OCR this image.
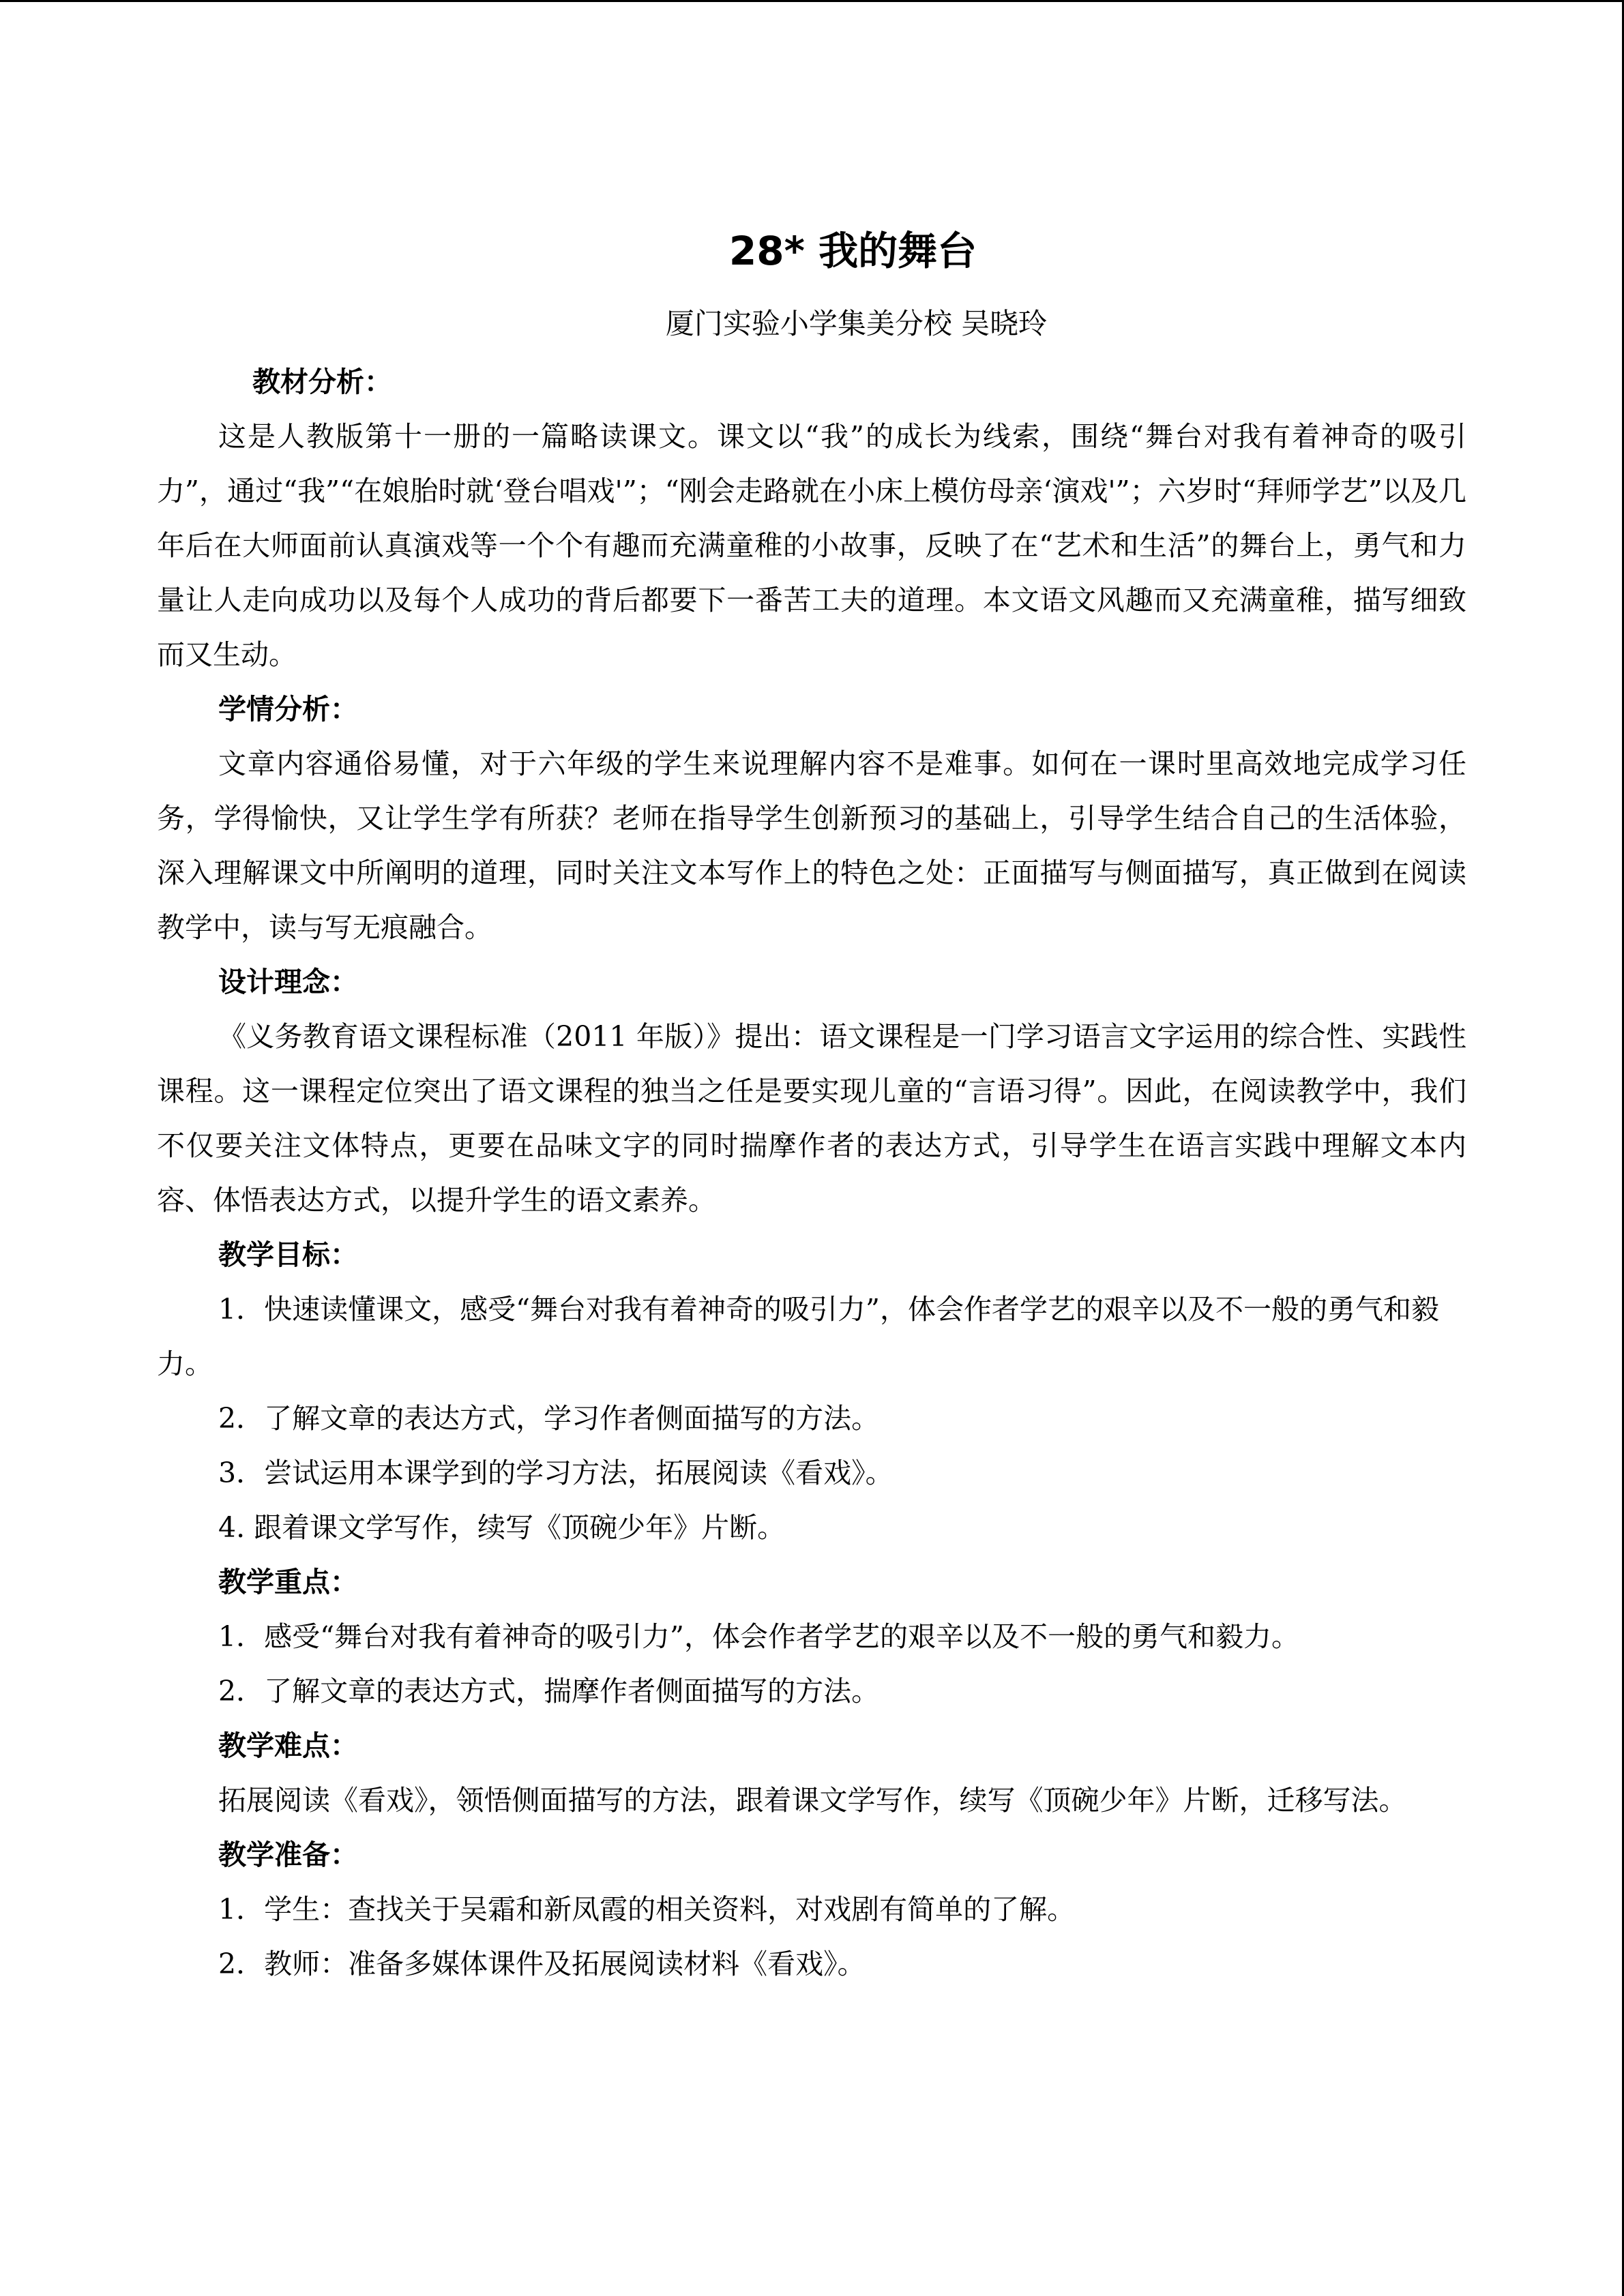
28* 我的舞台
厦门实验小学集美分校 吴晓玲

教材分析：

这是人教版第十一册的一篇略读课文。课文以“我”的成长为线索，围绕“舞台对我有着神奇的吸引力”，通过“我”“在娘胎时就‘登台唱戏'”；“刚会走路就在小床上模仿母亲‘演戏'”；六岁时“拜师学艺”以及几年后在大师面前认真演戏等一个个有趣而充满童稚的小故事，反映了在“艺术和生活”的舞台上，勇气和力量让人走向成功以及每个人成功的背后都要下一番苦工夫的道理。本文语文风趣而又充满童稚，描写细致而又生动。

学情分析：

文章内容通俗易懂，对于六年级的学生来说理解内容不是难事。如何在一课时里高效地完成学习任务，学得愉快，又让学生学有所获？老师在指导学生创新预习的基础上，引导学生结合自己的生活体验，深入理解课文中所阐明的道理，同时关注文本写作上的特色之处：正面描写与侧面描写，真正做到在阅读教学中，读与写无痕融合。

设计理念：

《义务教育语文课程标准（2011 年版）》提出：语文课程是一门学习语言文字运用的综合性、实践性课程。这一课程定位突出了语文课程的独当之任是要实现儿童的“言语习得”。因此，在阅读教学中，我们不仅要关注文体特点，更要在品味文字的同时揣摩作者的表达方式，引导学生在语言实践中理解文本内容、体悟表达方式，以提升学生的语文素养。

教学目标：

1．快速读懂课文，感受“舞台对我有着神奇的吸引力”，体会作者学艺的艰辛以及不一般的勇气和毅力。

2．了解文章的表达方式，学习作者侧面描写的方法。

3．尝试运用本课学到的学习方法，拓展阅读《看戏》。

4. 跟着课文学写作，续写《顶碗少年》片断。

教学重点：

1．感受“舞台对我有着神奇的吸引力”，体会作者学艺的艰辛以及不一般的勇气和毅力。

2．了解文章的表达方式，揣摩作者侧面描写的方法。

教学难点：

拓展阅读《看戏》，领悟侧面描写的方法，跟着课文学写作，续写《顶碗少年》片断，迁移写法。

教学准备：

1．学生：查找关于吴霜和新凤霞的相关资料，对戏剧有简单的了解。

2．教师：准备多媒体课件及拓展阅读材料《看戏》。
